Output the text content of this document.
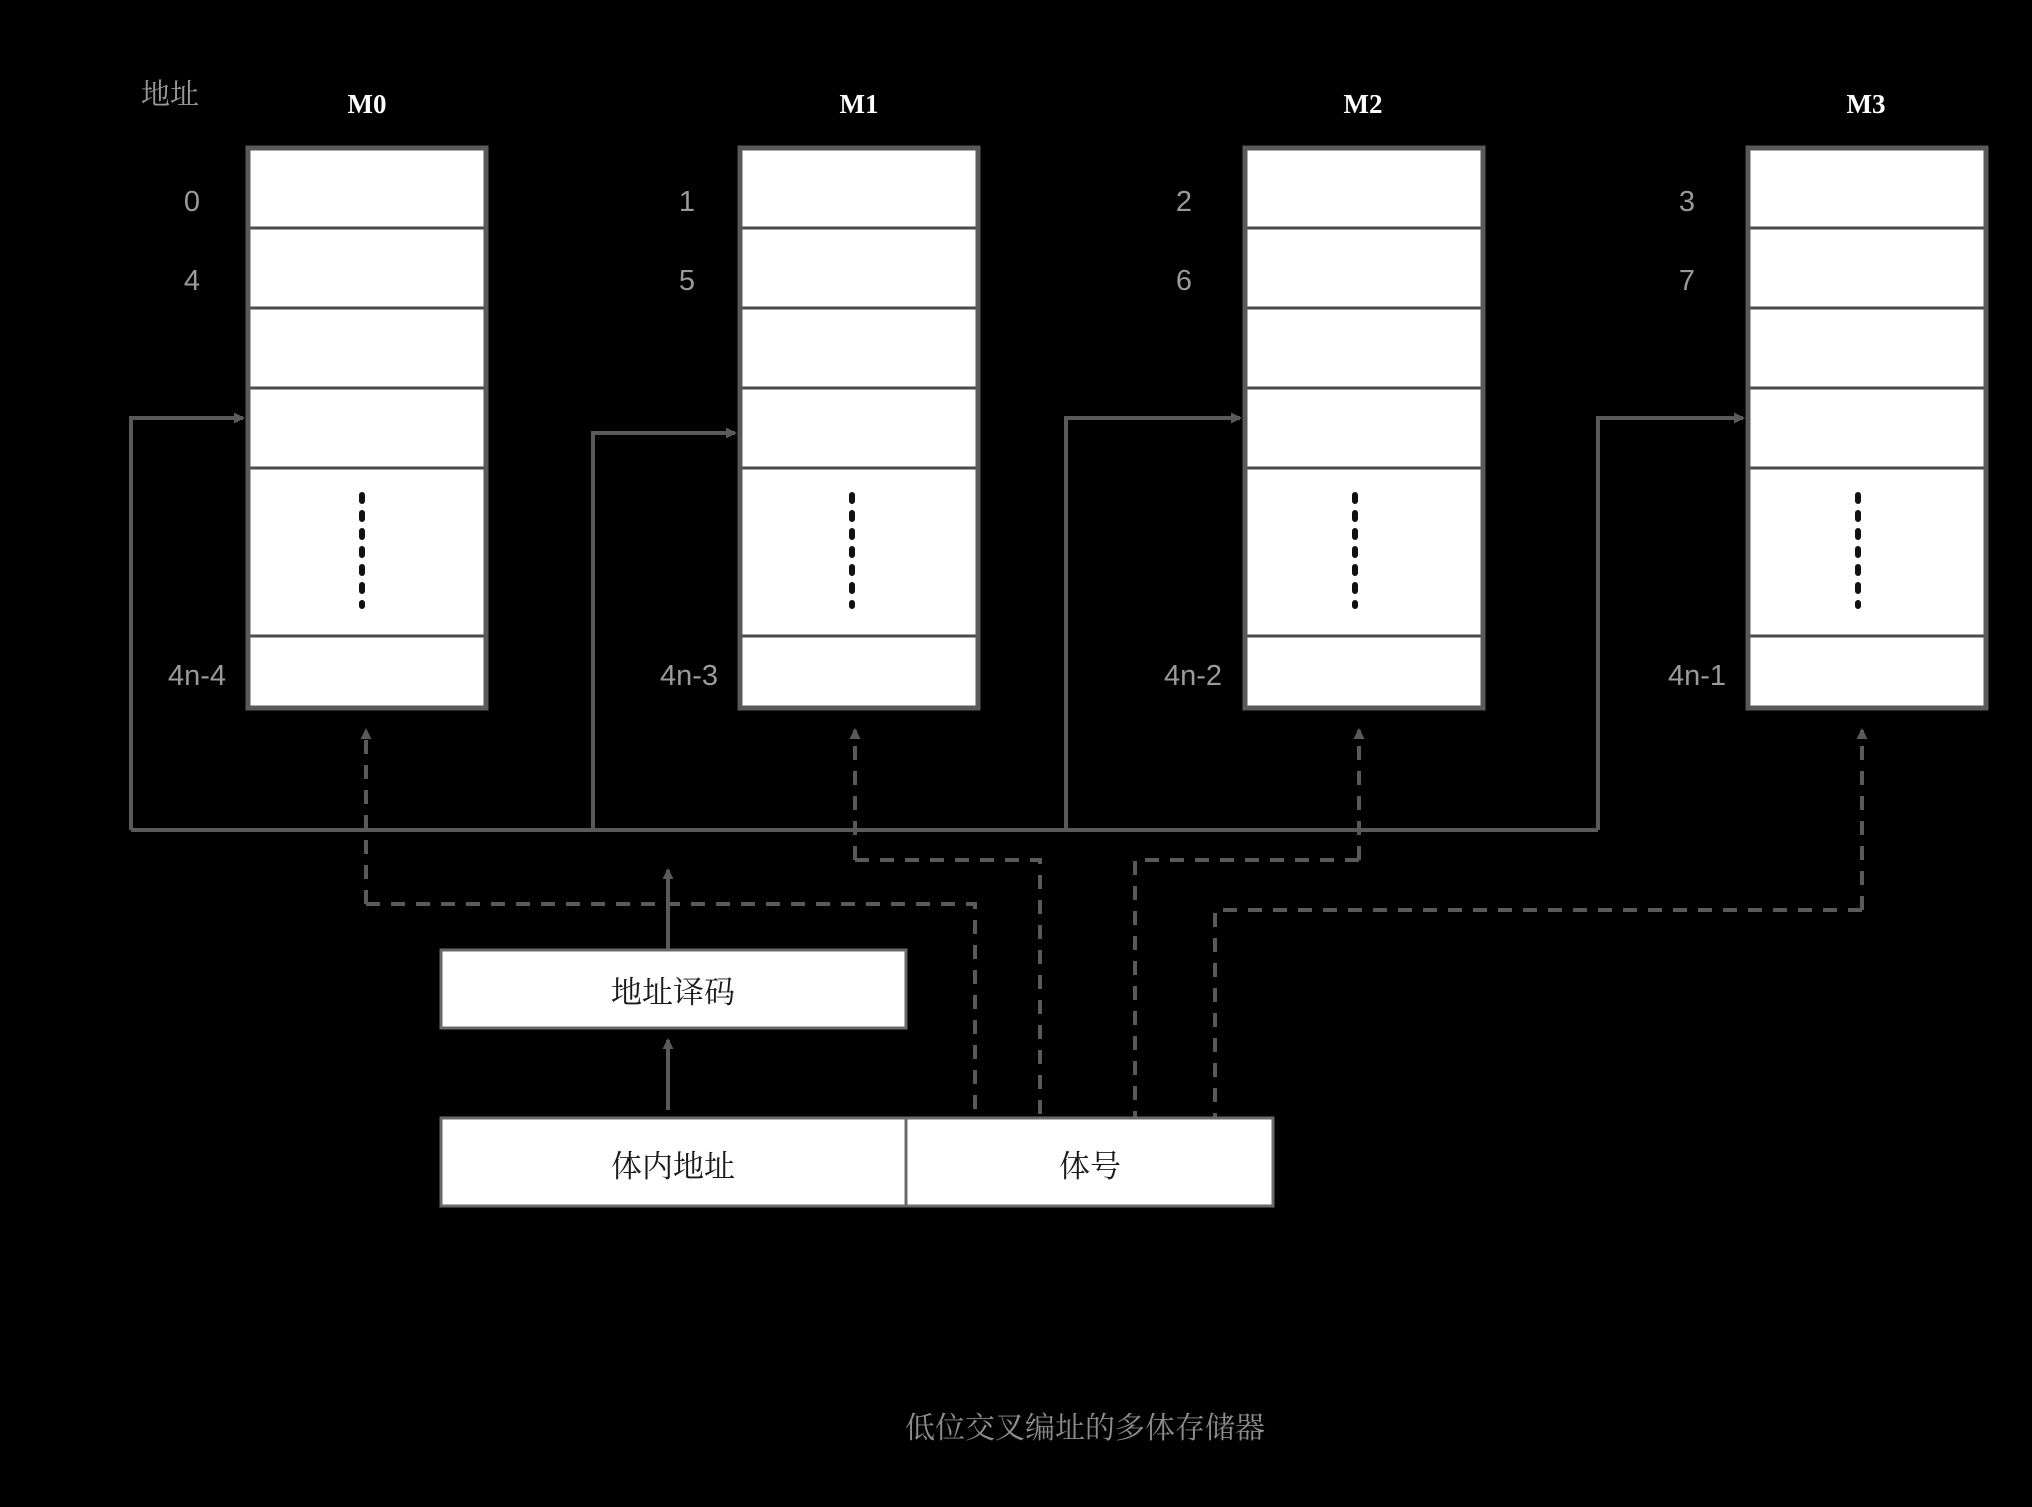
M0
0
4
4n-4
M1
1
5
4n-3
M2
2
6
4n-2
M3
3
7
4n-1
地址
地址译码
体内地址	体号
低位交叉编址的多体存储器
